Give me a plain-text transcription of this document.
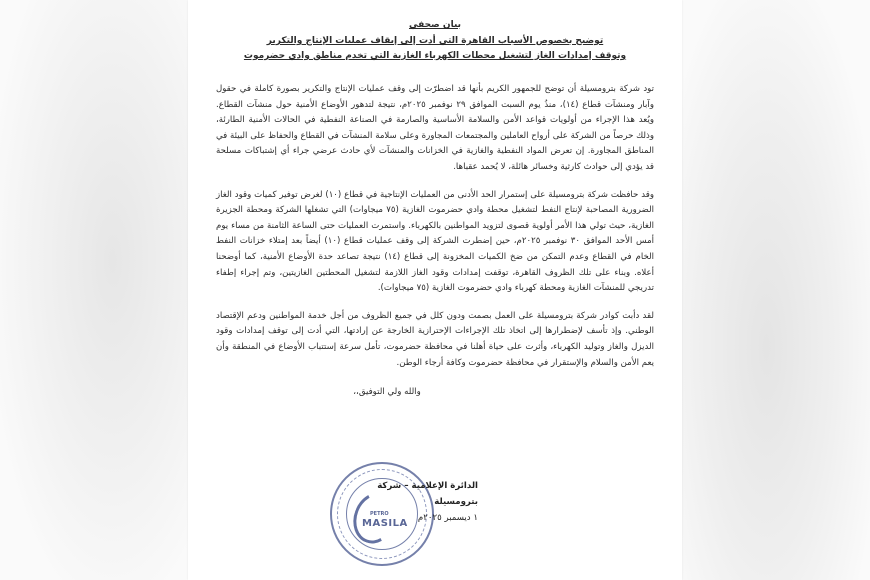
بيان صحفي

توضيح بخصوص الأسباب القاهرة التي أدت إلى إيقاف عمليات الإنتاج والتكرير

وتوقف إمدادات الغاز لتشغيل محطات الكهرباء الغازية التي تخدم مناطق وادي حضرموت

تود شركة بترومسيلة أن توضح للجمهور الكريم بأنها قد اضطرّت إلى وقف عمليات الإنتاج والتكرير بصورة كاملة في حقول وآبار ومنشآت قطاع (١٤)، منذُ يوم السبت الموافق ٢٩ نوفمبر ٢٠٢٥م، نتيجة لتدهور الأوضاع الأمنية حول منشآت القطاع. ويُعد هذا الإجراء من أولويات قواعد الأمن والسلامة الأساسية والصارمة في الصناعة النفطية في الحالات الأمنية الطارئة، وذلك حرصاً من الشركة على أرواح العاملين والمجتمعات المجاورة وعلى سلامة المنشآت في القطاع والحفاظ على البيئة في المناطق المجاورة. إن تعرض المواد النفطية والغازية في الخزانات والمنشآت لأي حادث عرضي جراء أي إشتباكات مسلحة قد يؤدي إلى حوادث كارثية وخسائر هائلة، لا يُحمد عقباها.

وقد حافظت شركة بترومسيلة على إستمرار الحد الأدنى من العمليات الإنتاجية في قطاع (١٠) لغرض توفير كميات وقود الغاز الضرورية المصاحبة لإنتاج النفط لتشغيل محطة وادي حضرموت الغازية (٧٥ ميجاوات) التي تشغلها الشركة ومحطة الجزيرة الغازية، حيث تولي هذا الأمر أولوية قصوى لتزويد المواطنين بالكهرباء. واستمرت العمليات حتى الساعة الثامنة من مساء يوم أمس الأحد الموافق ٣٠ نوفمبر ٢٠٢٥م، حين إضطرت الشركة إلى وقف عمليات قطاع (١٠) أيضاً بعد إمتلاء خزانات النفط الخام في القطاع وعدم التمكن من ضخ الكميات المخزونة إلى قطاع (١٤) نتيجة تصاعد حدة الأوضاع الأمنية، كما أوضحنا أعلاه. وبناء على تلك الظروف القاهرة، توقفت إمدادات وقود الغاز اللازمة لتشغيل المحطتين الغازيتين، وتم إجراء إطفاء تدريجي للمنشآت الغازية ومحطة كهرباء وادي حضرموت الغازية (٧٥ ميجاوات).

لقد دأبت كوادر شركة بترومسيلة على العمل بصمت ودون كلل في جميع الظروف من أجل خدمة المواطنين ودعم الإقتصاد الوطني. وإذ تأسف لإضطرارها إلى اتخاذ تلك الإجراءات الإحترازية الخارجة عن إرادتها، التي أدت إلى توقف إمدادات وقود الديزل والغاز وتوليد الكهرباء، وأثرت على حياة أهلنا في محافظة حضرموت، تأمل سرعة إستتباب الأوضاع في المنطقة وأن يعم الأمن والسلام والإستقرار في محافظة حضرموت وكافة أرجاء الوطن.

والله ولي التوفيق،،

PETRO
MASILA
الدائرة الإعلامية – شركة بترومسيلة
١ ديسمبر ٢٠٢٥م
